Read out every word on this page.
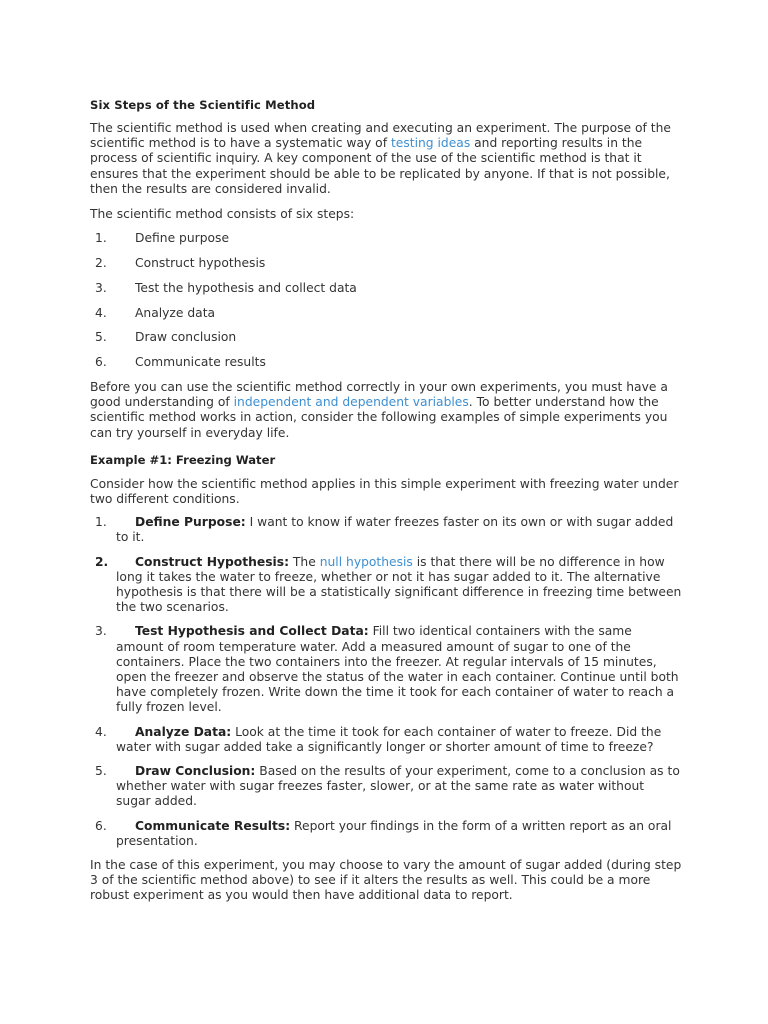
Six Steps of the Scientific Method

The scientific method is used when creating and executing an experiment. The purpose of the scientific method is to have a systematic way of testing ideas and reporting results in the process of scientific inquiry. A key component of the use of the scientific method is that it ensures that the experiment should be able to be replicated by anyone. If that is not possible, then the results are considered invalid.

The scientific method consists of six steps:

1. Define purpose
2. Construct hypothesis
3. Test the hypothesis and collect data
4. Analyze data
5. Draw conclusion
6. Communicate results

Before you can use the scientific method correctly in your own experiments, you must have a good understanding of independent and dependent variables. To better understand how the scientific method works in action, consider the following examples of simple experiments you can try yourself in everyday life.

Example #1: Freezing Water

Consider how the scientific method applies in this simple experiment with freezing water under two different conditions.

1.	Define Purpose: I want to know if water freezes faster on its own or with sugar added to it.
2.	Construct Hypothesis: The null hypothesis is that there will be no difference in how long it takes the water to freeze, whether or not it has sugar added to it. The alternative hypothesis is that there will be a statistically significant difference in freezing time between the two scenarios.
3.	Test Hypothesis and Collect Data: Fill two identical containers with the same amount of room temperature water. Add a measured amount of sugar to one of the containers. Place the two containers into the freezer. At regular intervals of 15 minutes, open the freezer and observe the status of the water in each container. Continue until both have completely frozen. Write down the time it took for each container of water to reach a fully frozen level.
4.	Analyze Data: Look at the time it took for each container of water to freeze. Did the water with sugar added take a significantly longer or shorter amount of time to freeze?
5.	Draw Conclusion: Based on the results of your experiment, come to a conclusion as to whether water with sugar freezes faster, slower, or at the same rate as water without sugar added.
6.	Communicate Results: Report your findings in the form of a written report as an oral presentation.

In the case of this experiment, you may choose to vary the amount of sugar added (during step 3 of the scientific method above) to see if it alters the results as well. This could be a more robust experiment as you would then have additional data to report.
